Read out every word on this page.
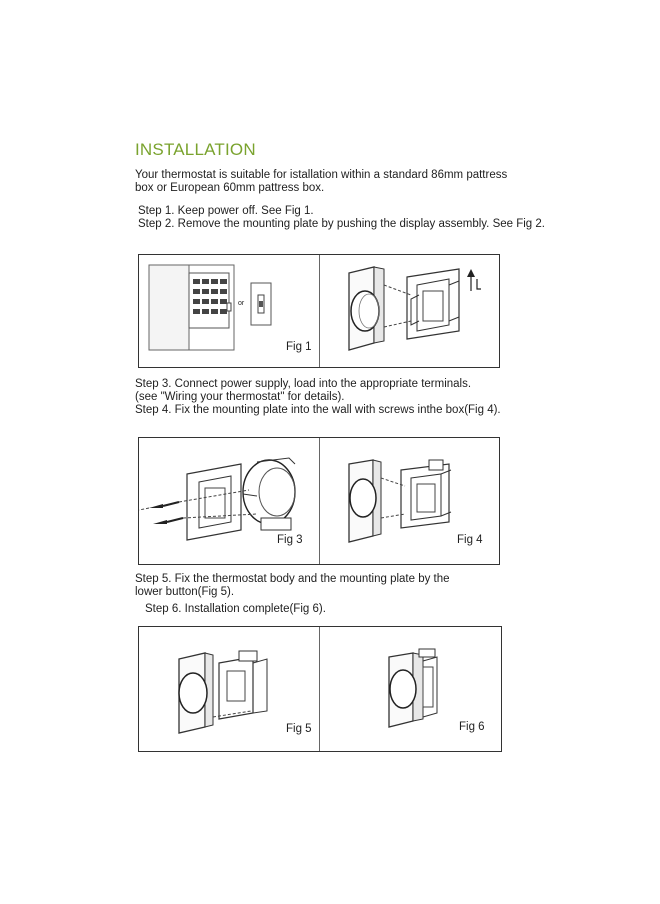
INSTALLATION
Your thermostat is suitable for istallation within a standard 86mm pattress
box or European 60mm pattress box.
Step 1. Keep power off. See Fig 1.
Step 2. Remove the mounting plate by pushing the display assembly. See Fig 2.
or
Fig 1
Step 3. Connect power supply, load into the appropriate terminals.
(see "Wiring your thermostat" for details).
Step 4. Fix the mounting plate into the wall with screws inthe box(Fig 4).
Fig 3	Fig 4
Step 5. Fix the thermostat body and the mounting plate by the
lower button(Fig 5).
Step 6. Installation complete(Fig 6).
Fig 5	Fig 6
